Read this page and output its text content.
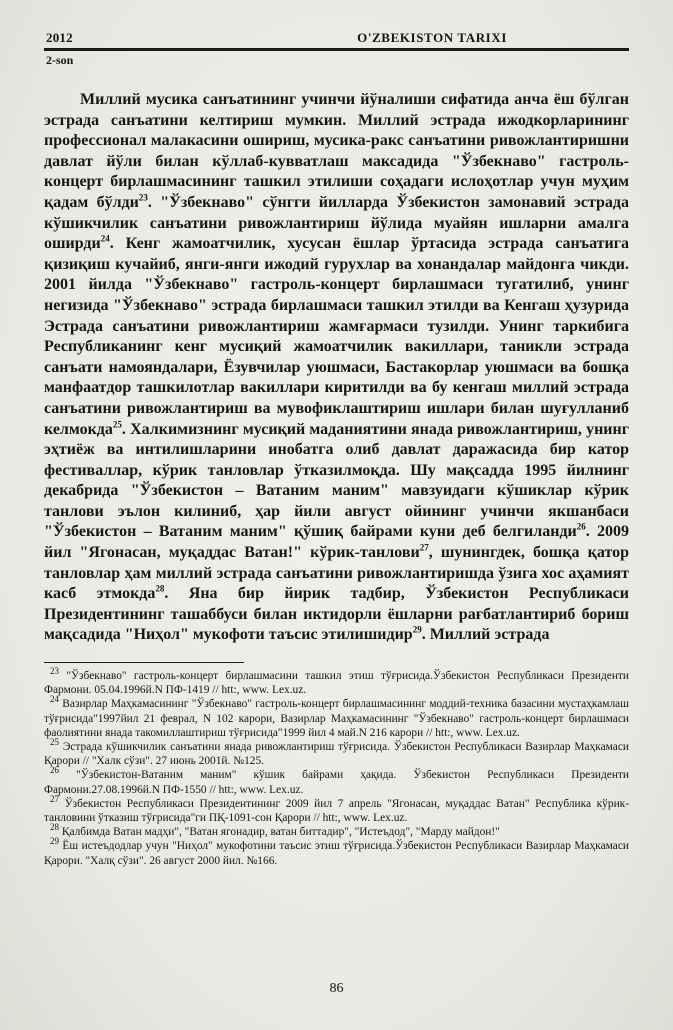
2012	O'ZBEKISTON TARIXI
2-son

Миллий мусика санъатининг учинчи йўналиши сифатида анча ёш бўлган эстрада санъатини келтириш мумкин. Миллий эстрада ижодкорларининг профессионал малакасини ошириш, мусика-ракс санъатини ривожлантиришни давлат йўли билан кўллаб-кувватлаш максадида "Ўзбекнаво" гастроль-концерт бирлашмасининг ташкил этилиши соҳадаги ислоҳотлар учун муҳим қадам бўлди$^{23}$. "Ўзбекнаво" сўнгги йилларда Ўзбекистон замонавий эстрада кўшикчилик санъатини ривожлантириш йўлида муайян ишларни амалга оширди$^{24}$. Кенг жамоатчилик, хусусан ёшлар ўртасида эстрада санъатига қизиқиш кучайиб, янги-янги ижодий гурухлар ва хонандалар майдонга чикди. 2001 йилда "Ўзбекнаво" гастроль-концерт бирлашмаси тугатилиб, унинг негизида "Ўзбекнаво" эстрада бирлашмаси ташкил этилди ва Кенгаш ҳузурида Эстрада санъатини ривожлантириш жамғармаси тузилди. Унинг таркибига Республиканинг кенг мусиқий жамоатчилик вакиллари, таникли эстрада санъати намояндалари, Ёзувчилар уюшмаси, Бастакорлар уюшмаси ва бошқа манфаатдор ташкилотлар вакиллари киритилди ва бу кенгаш миллий эстрада санъатини ривожлантириш ва мувофиклаштириш ишлари билан шуғулланиб келмокда$^{25}$. Халкимизнинг мусиқий маданиятини янада ривожлантириш, унинг эҳтиёж ва интилишларини инобатга олиб давлат даражасида бир катор фестиваллар, кўрик танловлар ўтказилмоқда. Шу мақсадда 1995 йилнинг декабрида "Ўзбекистон – Ватаним маним" мавзуидаги кўшиклар кўрик танлови эълон килиниб, ҳар йили август ойининг учинчи якшанбаси "Ўзбекистон – Ватаним маним" қўшиқ байрами куни деб белгиланди$^{26}$. 2009 йил "Ягонасан, муқаддас Ватан!" кўрик-танлови$^{27}$, шунингдек, бошқа қатор танловлар ҳам миллий эстрада санъатини ривожлантиришда ўзига хос аҳамият касб этмокда$^{28}$. Яна бир йирик тадбир, Ўзбекистон Республикаси Президентининг ташаббуси билан иктидорли ёшларни рағбатлантириб бориш мақсадида "Ниҳол" мукофоти таъсис этилишидир$^{29}$. Миллий эстрада

$^{23}$ "Ўзбекнаво" гастроль-концерт бирлашмасини ташкил этиш тўғрисида.Ўзбекистон Республикаси Президенти Фармони. 05.04.1996й.N ПФ-1419 // htt:, www. Lex.uz.

$^{24}$ Вазирлар Маҳкамасининг "Ўзбекнаво" гастроль-концерт бирлашмасининг моддий-техника базасини мустаҳкамлаш тўғрисида"1997йил 21 феврал, N 102 карори, Вазирлар Маҳкамасининг "Ўзбекнаво" гастроль-концерт бирлашмаси фаолиятини янада такомиллаштириш тўғрисида"1999 йил 4 май.N 216 карори // htt:, www. Lex.uz.

$^{25}$ Эстрада кўшикчилик санъатини янада ривожлантириш тўғрисида. Ўзбекистон Республикаси Вазирлар Маҳкамаси Қарори // "Халк сўзи". 27 июнь 2001й. №125.

$^{26}$ "Ўзбекистон-Ватаним маним" кўшик байрами ҳақида. Ўзбекистон Республикаси Президенти Фармони.27.08.1996й.N ПФ-1550 // htt:, www. Lex.uz.

$^{27}$ Ўзбекистон Республикаси Президентининг 2009 йил 7 апрель "Ягонасан, муқаддас Ватан" Республика кўрик-танловини ўтказиш тўғрисида"ги ПҚ-1091-сон Қарори // htt:, www. Lex.uz.

$^{28}$ Қалбимда Ватан мадҳи", "Ватан ягонадир, ватан биттадир", "Истеъдод", "Марду майдон!"

$^{29}$ Ёш истеъдодлар учун "Ниҳол" мукофотини таъсис этиш тўғрисида.Ўзбекистон Республикаси Вазирлар Маҳкамаси Қарори. "Халқ сўзи". 26 август 2000 йил. №166.

86
